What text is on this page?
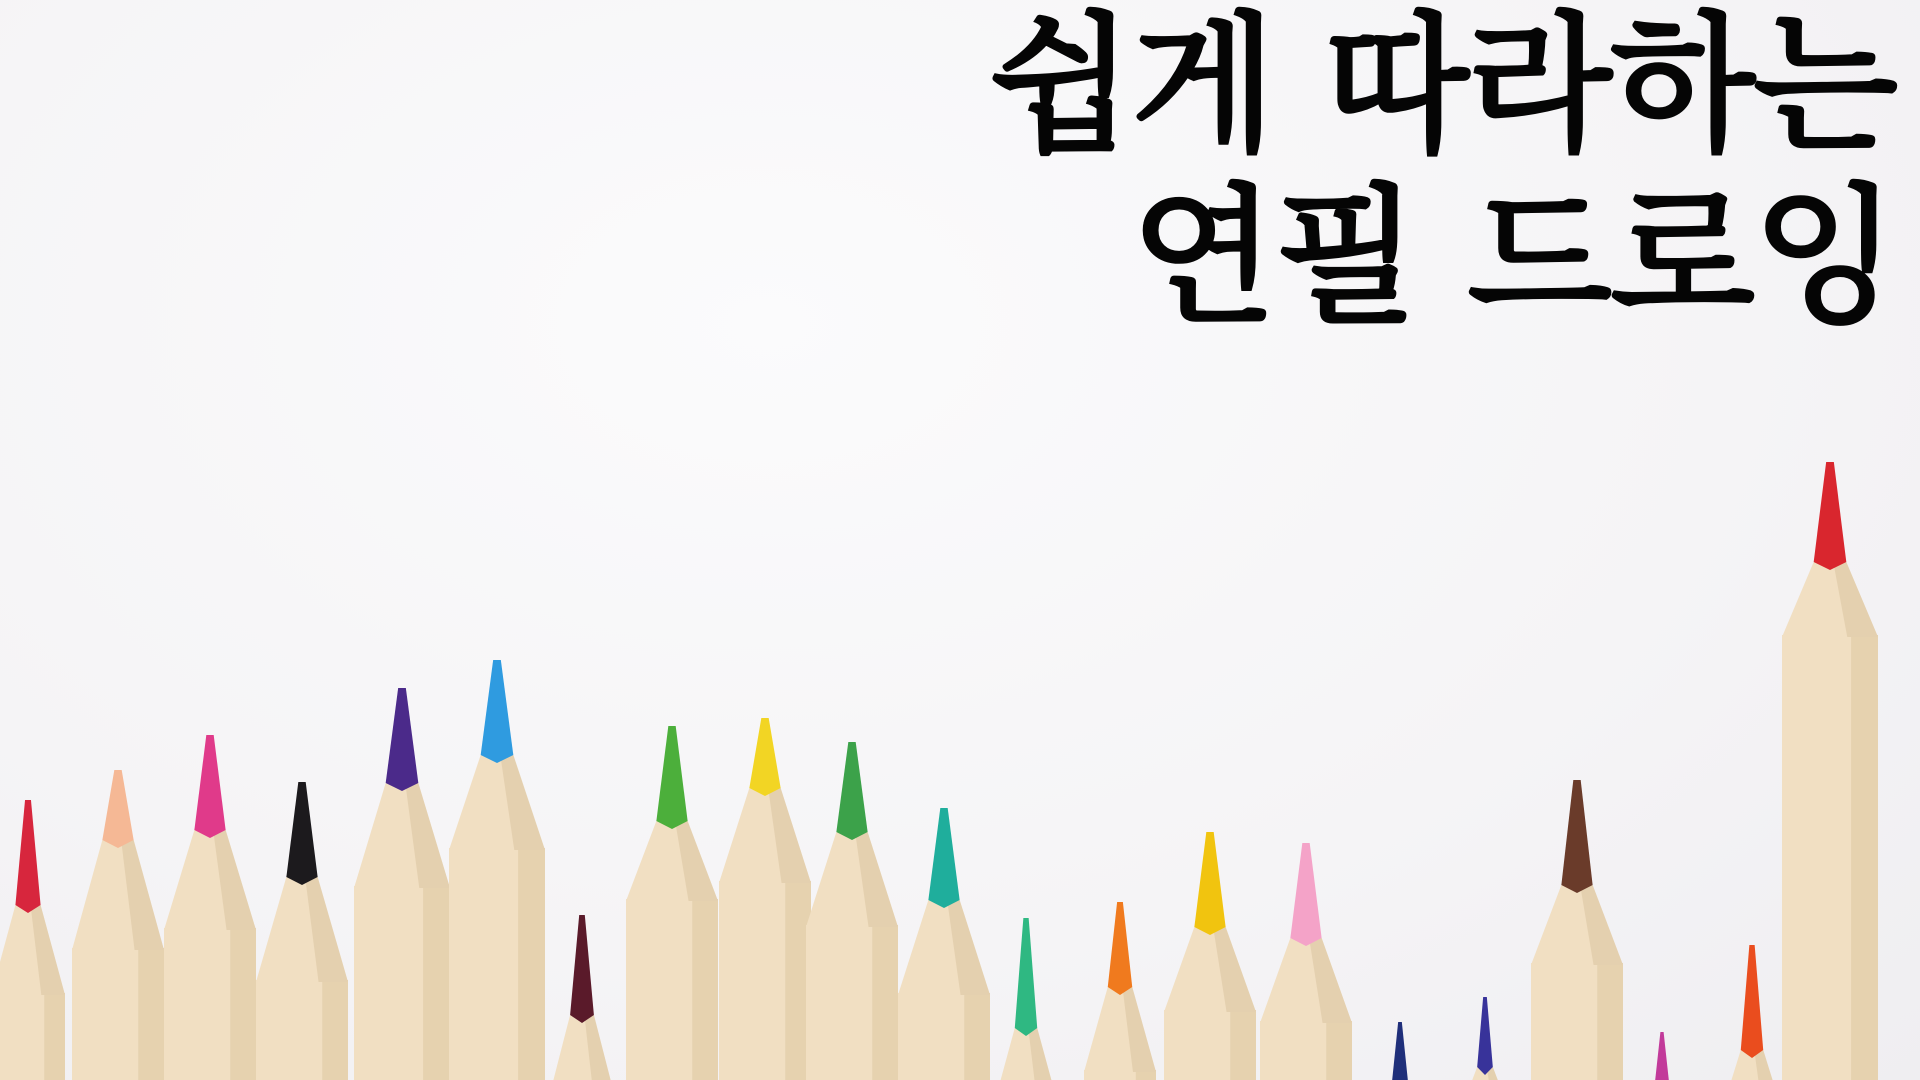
쉽게 따라하는
연필 드로잉
